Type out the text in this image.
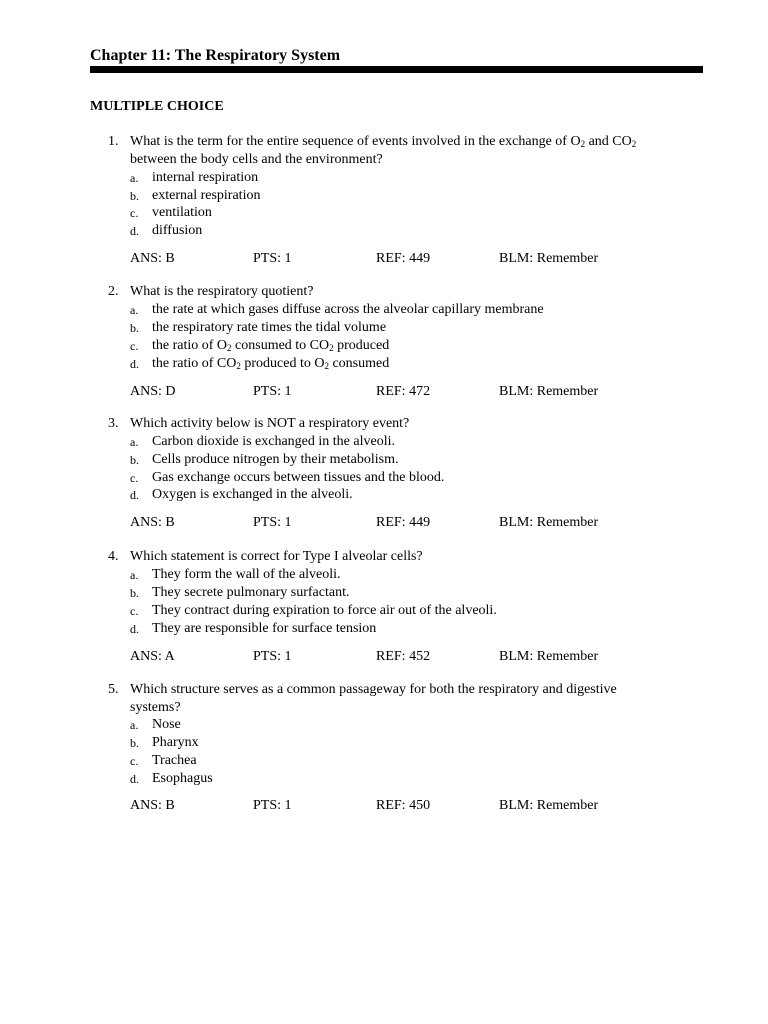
Chapter 11: The Respiratory System
MULTIPLE CHOICE
1. What is the term for the entire sequence of events involved in the exchange of $O_2$ and $CO_2$
between the body cells and the environment?
a. internal respiration
b. external respiration
c. ventilation
d. diffusion
ANS: B	PTS: 1	REF: 449	BLM: Remember
2. What is the respiratory quotient?
a. the rate at which gases diffuse across the alveolar capillary membrane
b. the respiratory rate times the tidal volume
c. the ratio of $O_2$ consumed to $CO_2$ produced
d. the ratio of $CO_2$ produced to $O_2$ consumed
ANS: D	PTS: 1	REF: 472	BLM: Remember
3. Which activity below is NOT a respiratory event?
a. Carbon dioxide is exchanged in the alveoli.
b. Cells produce nitrogen by their metabolism.
c. Gas exchange occurs between tissues and the blood.
d. Oxygen is exchanged in the alveoli.
ANS: B	PTS: 1	REF: 449	BLM: Remember
4. Which statement is correct for Type I alveolar cells?
a. They form the wall of the alveoli.
b. They secrete pulmonary surfactant.
c. They contract during expiration to force air out of the alveoli.
d. They are responsible for surface tension
ANS: A	PTS: 1	REF: 452	BLM: Remember
5. Which structure serves as a common passageway for both the respiratory and digestive
systems?
a. Nose
b. Pharynx
c. Trachea
d. Esophagus
ANS: B	PTS: 1	REF: 450	BLM: Remember
